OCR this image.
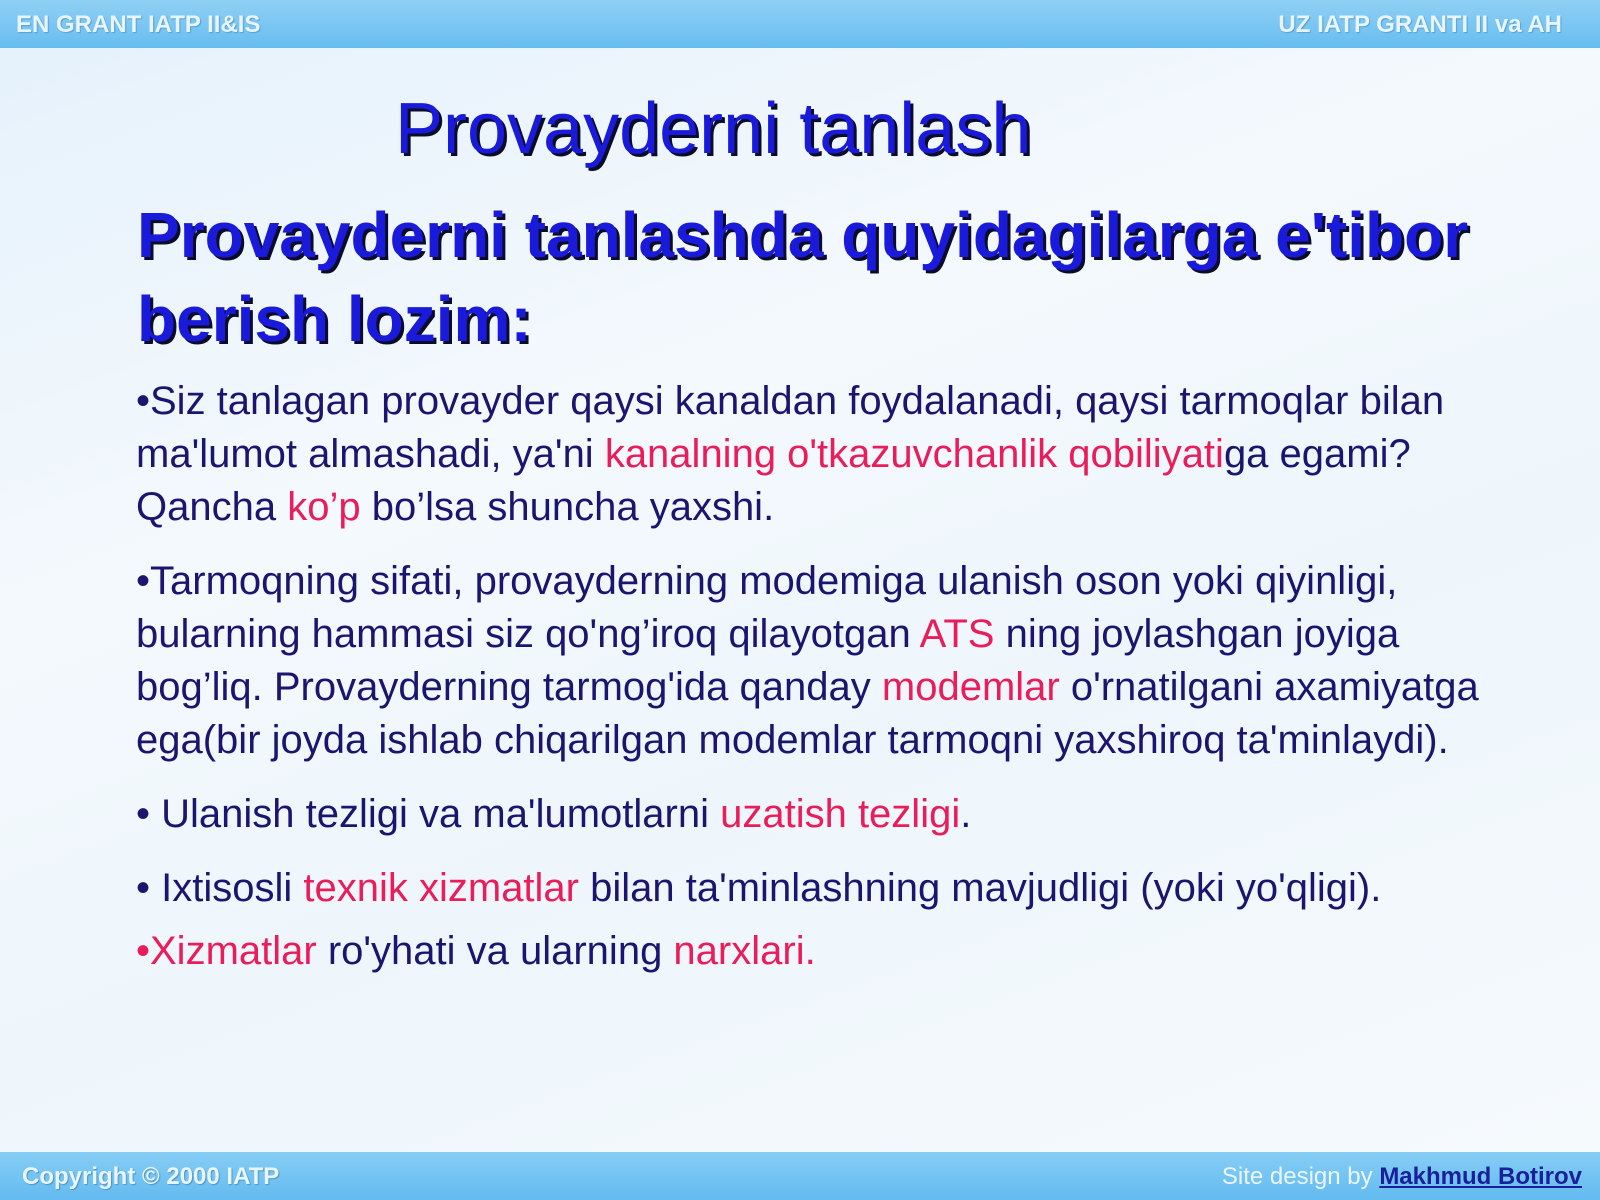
EN GRANT IATP II&IS	UZ IATP GRANTI II va AH
Provayderni tanlash
Provayderni tanlashda quyidagilarga e'tibor berish lozim:

•Siz tanlagan provayder qaysi kanaldan foydalanadi, qaysi tarmoqlar bilan ma'lumot almashadi, ya'ni kanalning o'tkazuvchanlik qobiliyatiga egami? Qancha ko’p bo’lsa shuncha yaxshi.

•Tarmoqning sifati, provayderning modemiga ulanish oson yoki qiyinligi, bularning hammasi siz qo'ng’iroq qilayotgan ATS ning joylashgan joyiga bog’liq. Provayderning tarmog'ida qanday modemlar o'rnatilgani axamiyatga ega(bir joyda ishlab chiqarilgan modemlar tarmoqni yaxshiroq ta'minlaydi).

• Ulanish tezligi va ma'lumotlarni uzatish tezligi.

• Ixtisosli texnik xizmatlar bilan ta'minlashning mavjudligi (yoki yo'qligi).

•Xizmatlar ro'yhati va ularning narxlari.

Copyright © 2000 IATP	Site design by Makhmud Botirov
